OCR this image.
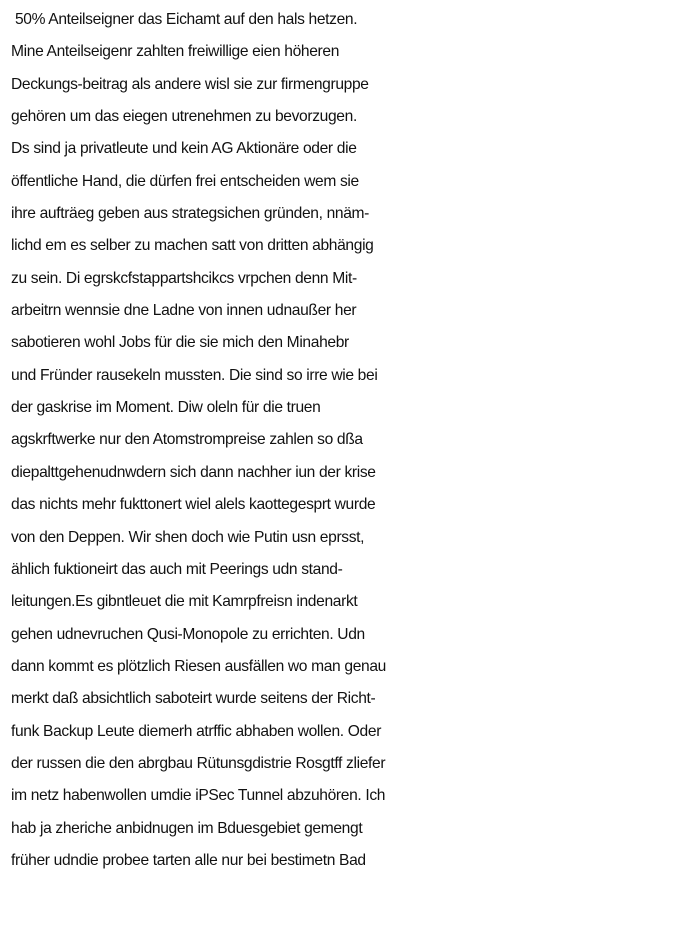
50% Anteilseigner das Eichamt auf den hals hetzen.
Mine Anteilseigenr zahlten freiwillige eien höheren
Deckungs-beitrag als andere wisl sie zur firmengruppe
gehören um das eiegen utrenehmen zu bevorzugen.
Ds sind ja privatleute und kein AG Aktionäre oder die
öffentliche Hand, die dürfen frei entscheiden wem sie
ihre aufträeg geben aus strategsichen gründen, nnäm-
lichd em es selber zu machen satt von dritten abhängig
zu sein. Di egrskcfstappartshcikcs vrpchen denn Mit-
arbeitrn wennsie dne Ladne von innen udnaußer her
sabotieren wohl Jobs für die sie mich den Minahebr
und Fründer rausekeln mussten. Die sind so irre wie bei
der gaskrise im Moment. Diw oleln für die truen
agskrftwerke nur den Atomstrompreise zahlen so dßa
diepalttgehenudnwdern sich dann nachher iun der krise
das nichts mehr fukttonert wiel alels kaottegesprt wurde
von den Deppen. Wir shen doch wie Putin usn eprsst,
ählich fuktioneirt das auch mit Peerings udn stand-
leitungen.Es gibntleuet die mit Kamrpfreisn indenarkt
gehen udnevruchen Qusi-Monopole zu errichten. Udn
dann kommt es plötzlich Riesen ausfällen wo man genau
merkt daß absichtlich saboteirt wurde seitens der Richt-
funk Backup Leute diemerh atrffic abhaben wollen. Oder
der russen die den abrgbau Rütunsgdistrie Rosgtff zliefer
im netz habenwollen umdie iPSec Tunnel abzuhören. Ich
hab ja zheriche anbidnugen im Bduesgebiet gemengt
früher udndie probee tarten alle nur bei bestimetn Bad
